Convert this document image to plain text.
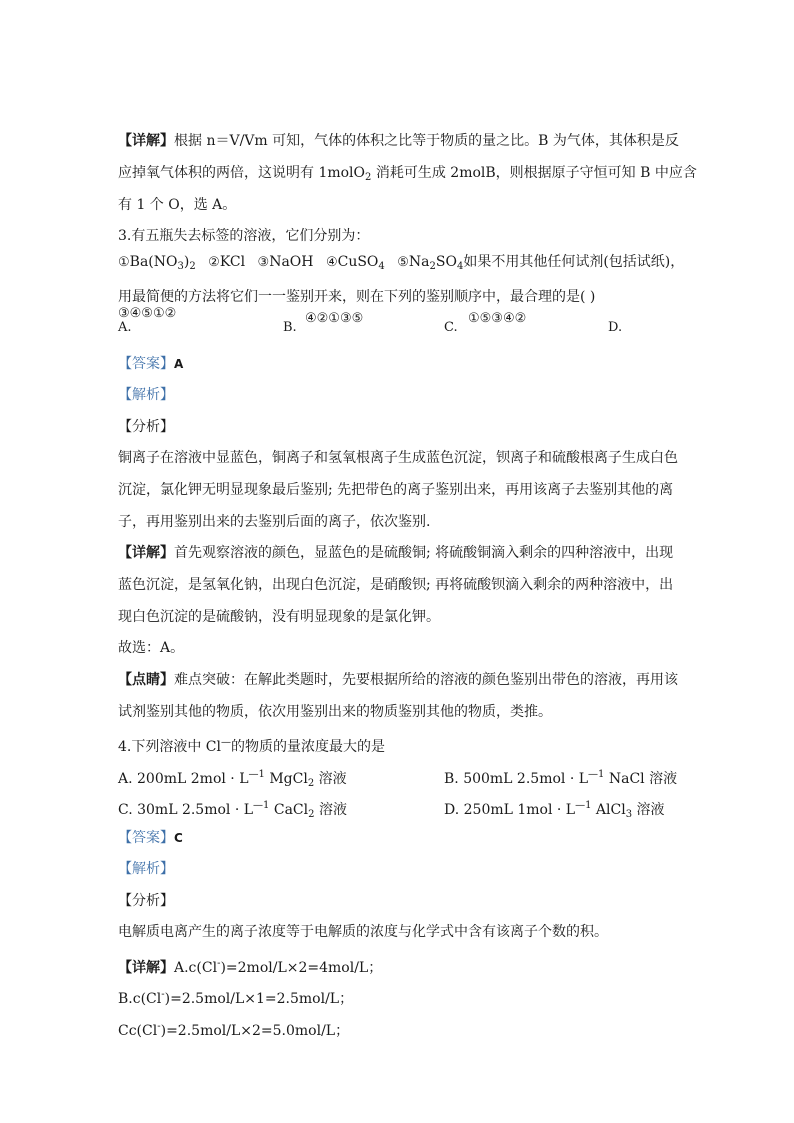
【详解】根据 n＝V/Vm 可知，气体的体积之比等于物质的量之比。B 为气体，其体积是反
应掉氧气体积的两倍，这说明有 1molO$_2$ 消耗可生成 2molB，则根据原子守恒可知 B 中应含
有 1 个 O，选 A。
3.有五瓶失去标签的溶液，它们分别为：
$①Ba(NO_3)_2$ ②KCl ③NaOH ④CuSO$_4$ $⑤Na_2SO_4$如果不用其他任何试剂(包括试纸)，
用最简便的方法将它们一一鉴别开来，则在下列的鉴别顺序中，最合理的是( )
③④⑤①②
A.	B.
④②①③⑤
C.
①⑤③④②
D.
【答案】A
【解析】
【分析】
铜离子在溶液中显蓝色，铜离子和氢氧根离子生成蓝色沉淀，钡离子和硫酸根离子生成白色
沉淀，氯化钾无明显现象最后鉴别; 先把带色的离子鉴别出来，再用该离子去鉴别其他的离
子，再用鉴别出来的去鉴别后面的离子，依次鉴别.
【详解】首先观察溶液的颜色，显蓝色的是硫酸铜; 将硫酸铜滴入剩余的四种溶液中，出现
蓝色沉淀，是氢氧化钠，出现白色沉淀，是硝酸钡; 再将硫酸钡滴入剩余的两种溶液中，出
现白色沉淀的是硫酸钠，没有明显现象的是氯化钾。
故选：A。
【点睛】难点突破：在解此类题时，先要根据所给的溶液的颜色鉴别出带色的溶液，再用该
试剂鉴别其他的物质，依次用鉴别出来的物质鉴别其他的物质，类推。
4.下列溶液中 Cl—的物质的量浓度最大的是
A. 200mL $2mol \cdot L^{—1}$ MgCl$_2$ 溶液	B. 500mL $2.5mol \cdot L^{—1}$ NaCl 溶液
C. 30mL $2.5mol \cdot L^{—1}$ CaCl$_2$ 溶液	D. 250mL $1mol \cdot L^{—1}$ AlCl$_3$ 溶液
【答案】C
【解析】
【分析】
电解质电离产生的离子浓度等于电解质的浓度与化学式中含有该离子个数的积。
【详解】A.c(Cl-)=2mol/L×2=4mol/L；
B.c(Cl-)=2.5mol/L×1=2.5mol/L；
Cc(Cl-)=2.5mol/L×2=5.0mol/L；
